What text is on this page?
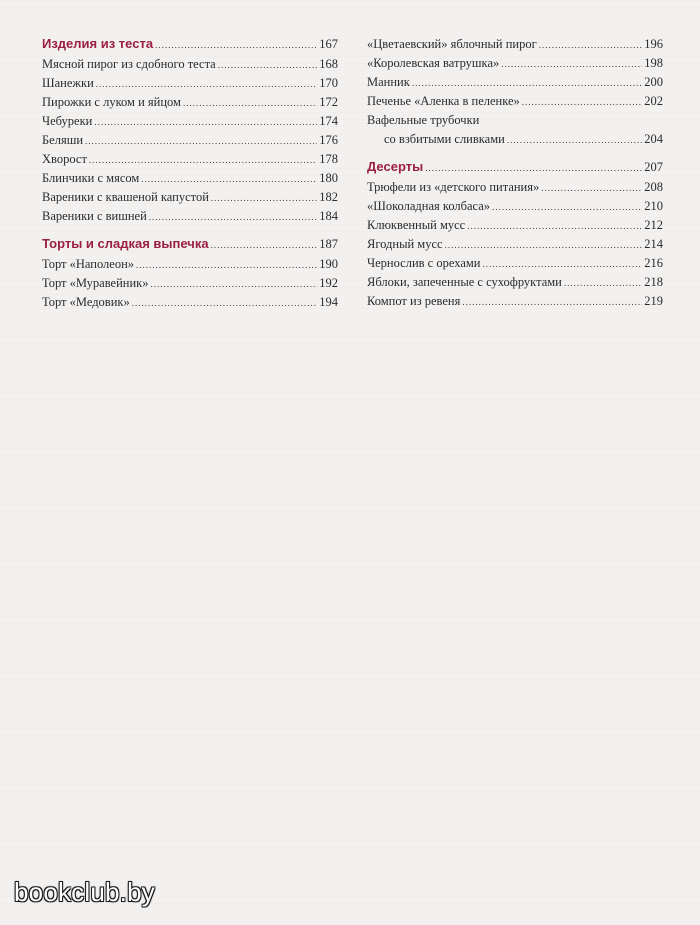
Изделия из теста .....	167
Мясной пирог из сдобного теста .....	168
Шанежки .....	170
Пирожки с луком и яйцом .....	172
Чебуреки .....	174
Беляши .....	176
Хворост .....	178
Блинчики с мясом .....	180
Вареники с квашеной капустой .....	182
Вареники с вишней .....	184
Торты и сладкая выпечка .....	187
Торт «Наполеон» .....	190
Торт «Муравейник» .....	192
Торт «Медовик» .....	194
«Цветаевский» яблочный пирог .....	196
«Королевская ватрушка» .....	198
Манник .....	200
Печенье «Аленка в пеленке» .....	202
Вафельные трубочки
со взбитыми сливками .....	204
Десерты .....	207
Трюфели из «детского питания» .....	208
«Шоколадная колбаса» .....	210
Клюквенный мусс .....	212
Ягодный мусс .....	214
Чернослив с орехами .....	216
Яблоки, запеченные с сухофруктами .....	218
Компот из ревеня .....	219
bookclub.by
